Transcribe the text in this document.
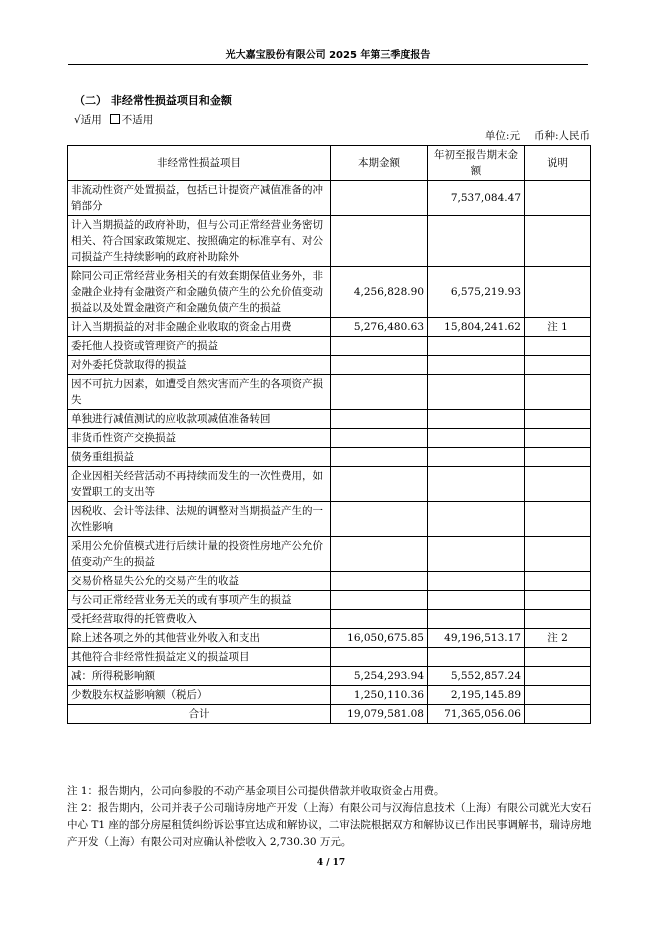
光大嘉宝股份有限公司 2025 年第三季度报告
（二） 非经常性损益项目和金额
√适用 不适用
单位:元 币种:人民币
非经常性损益项目	本期金额	年初至报告期末金额	说明
非流动性资产处置损益，包括已计提资产减值准备的冲销部分		7,537,084.47	
计入当期损益的政府补助，但与公司正常经营业务密切相关、符合国家政策规定、按照确定的标准享有、对公司损益产生持续影响的政府补助除外			
除同公司正常经营业务相关的有效套期保值业务外，非金融企业持有金融资产和金融负债产生的公允价值变动损益以及处置金融资产和金融负债产生的损益	4,256,828.90	6,575,219.93	
计入当期损益的对非金融企业收取的资金占用费	5,276,480.63	15,804,241.62	注 1
委托他人投资或管理资产的损益			
对外委托贷款取得的损益			
因不可抗力因素，如遭受自然灾害而产生的各项资产损失			
单独进行减值测试的应收款项减值准备转回			
非货币性资产交换损益			
债务重组损益			
企业因相关经营活动不再持续而发生的一次性费用，如安置职工的支出等			
因税收、会计等法律、法规的调整对当期损益产生的一次性影响			
采用公允价值模式进行后续计量的投资性房地产公允价值变动产生的损益			
交易价格显失公允的交易产生的收益			
与公司正常经营业务无关的或有事项产生的损益			
受托经营取得的托管费收入			
除上述各项之外的其他营业外收入和支出	16,050,675.85	49,196,513.17	注 2
其他符合非经常性损益定义的损益项目			
减：所得税影响额	5,254,293.94	5,552,857.24	
少数股东权益影响额（税后）	1,250,110.36	2,195,145.89	
合计	19,079,581.08	71,365,056.06	

注 1：报告期内，公司向参股的不动产基金项目公司提供借款并收取资金占用费。

注 2：报告期内，公司并表子公司瑞诗房地产开发（上海）有限公司与汉海信息技术（上海）有限公司就光大安石中心 T1 座的部分房屋租赁纠纷诉讼事宜达成和解协议，二审法院根据双方和解协议已作出民事调解书，瑞诗房地产开发（上海）有限公司对应确认补偿收入 2,730.30 万元。

4 / 17
